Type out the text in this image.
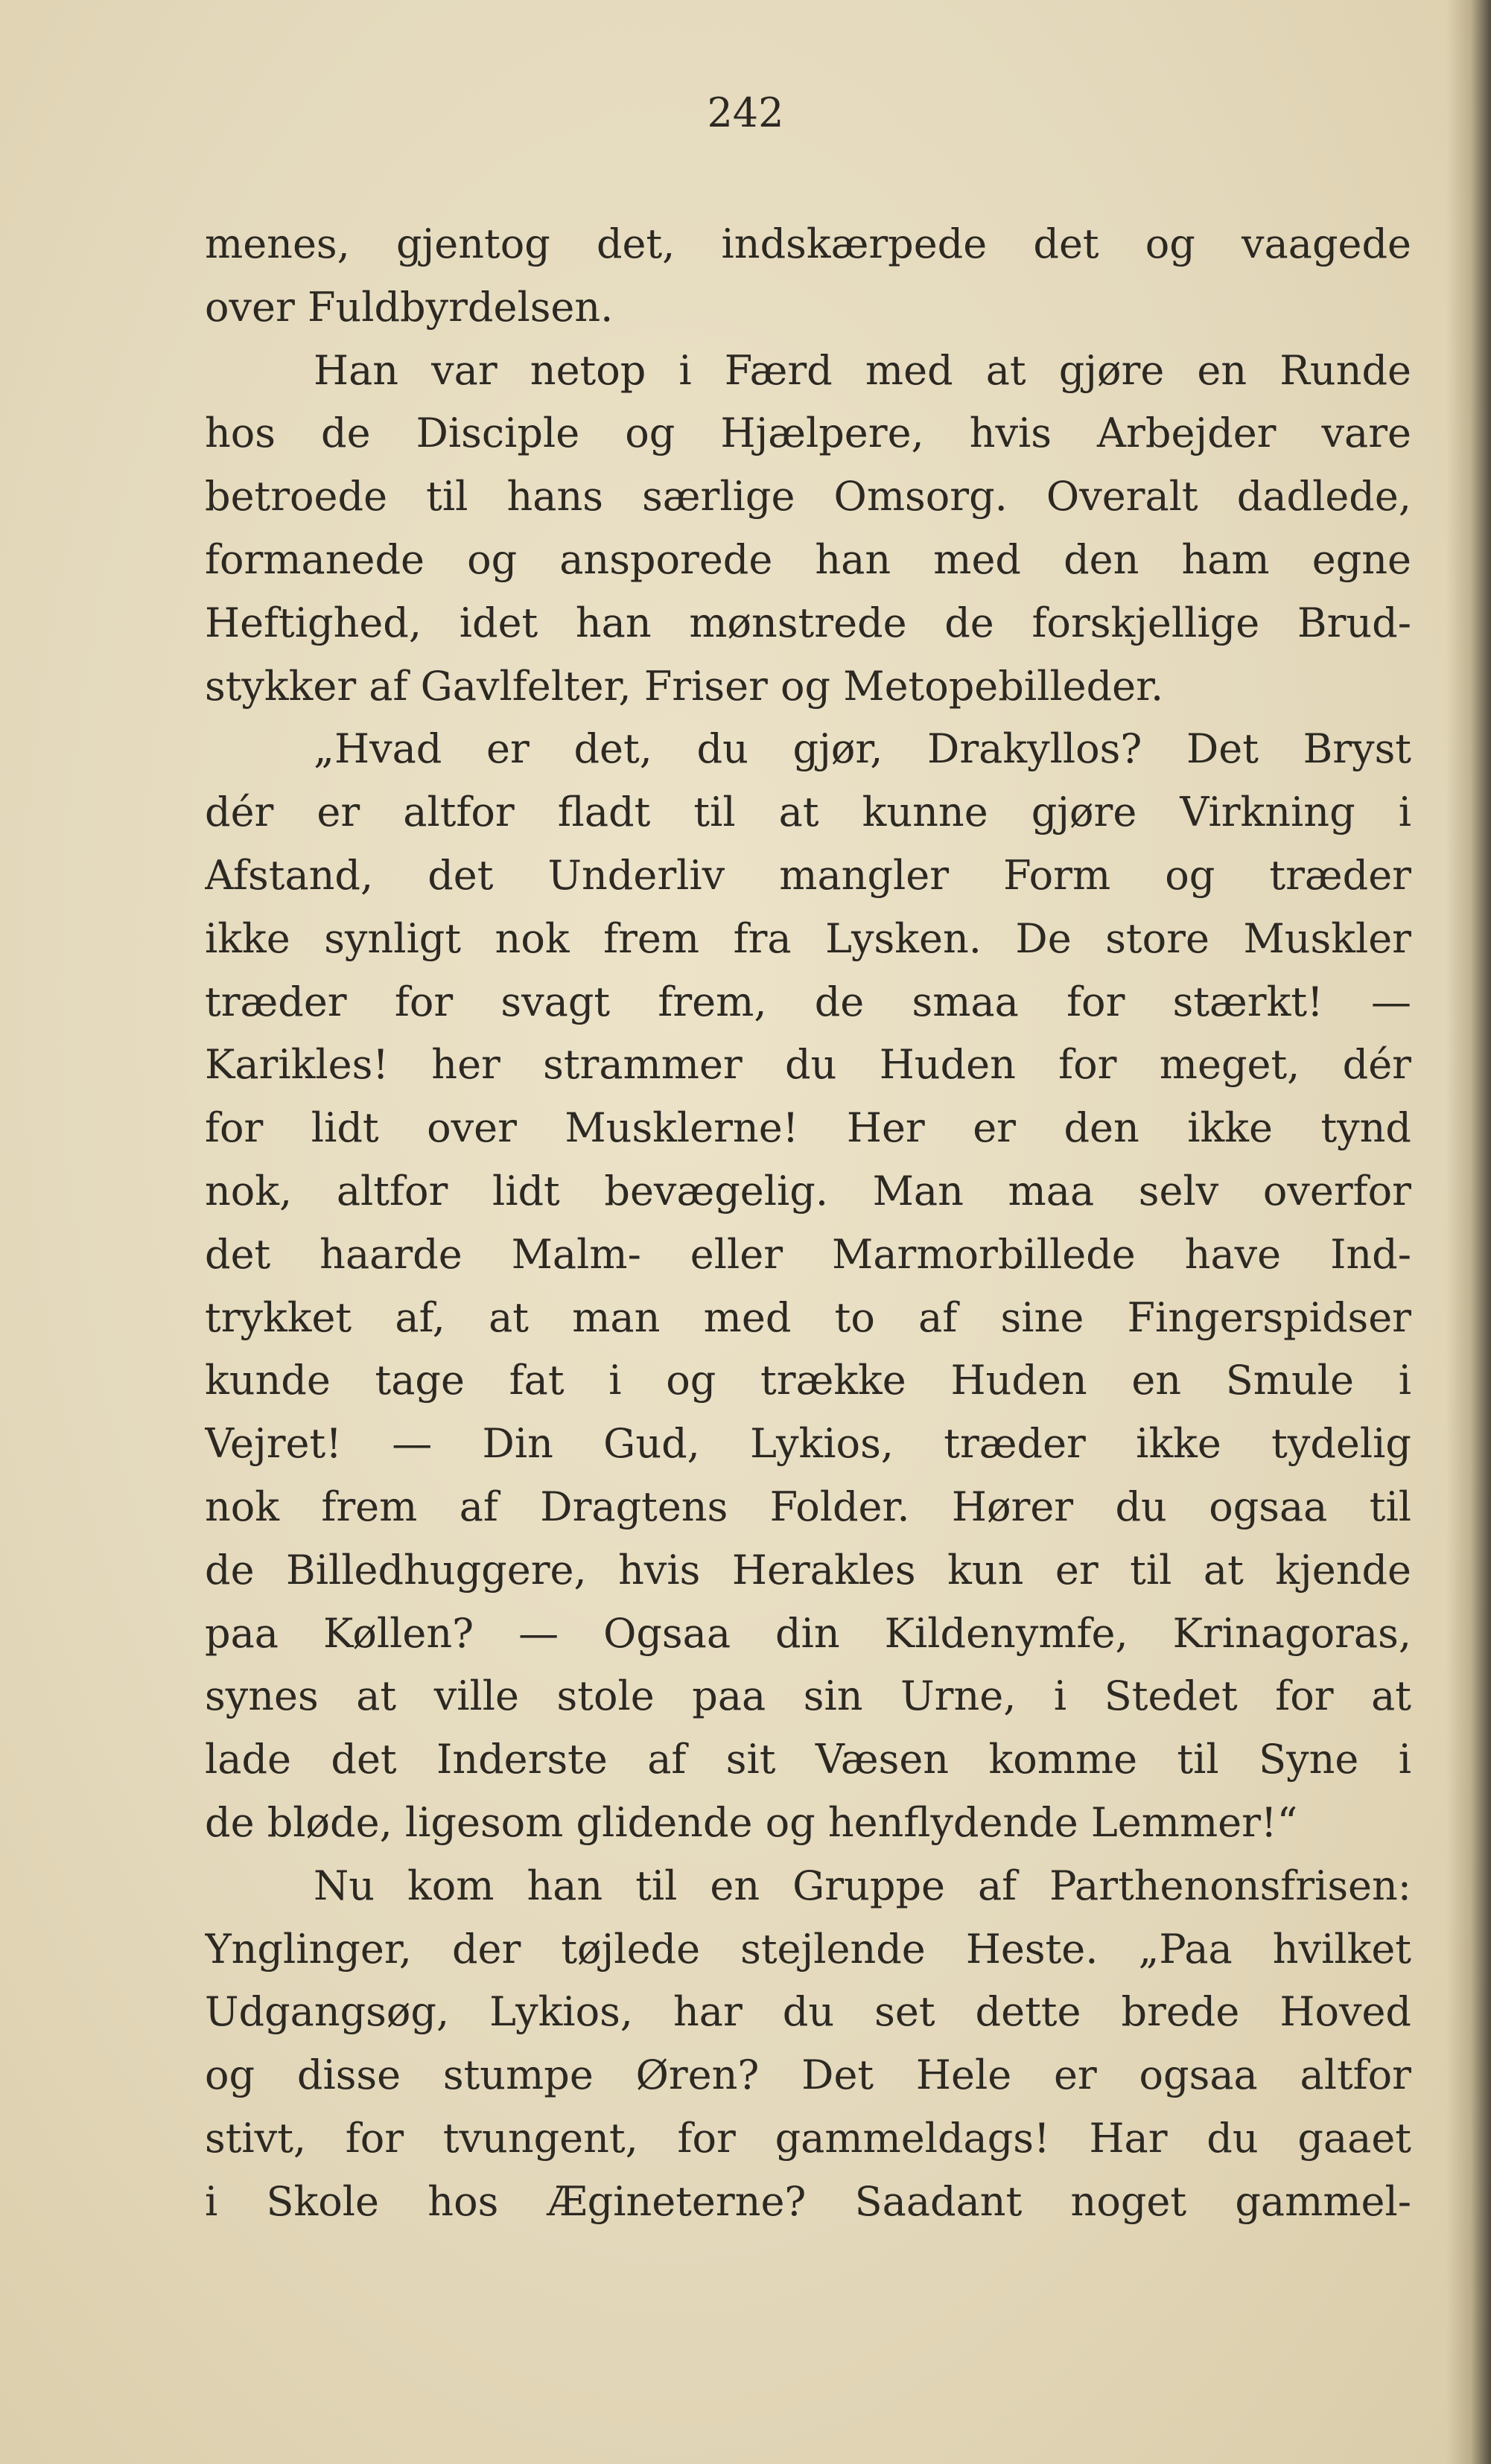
242
menes, gjentog det, indskærpede det og vaagede
over Fuldbyrdelsen.
Han var netop i Færd med at gjøre en Runde
hos de Disciple og Hjælpere, hvis Arbejder vare
betroede til hans særlige Omsorg. Overalt dadlede,
formanede og ansporede han med den ham egne
Heftighed, idet han mønstrede de forskjellige Brud-
stykker af Gavlfelter, Friser og Metopebilleder.
„Hvad er det, du gjør, Drakyllos? Det Bryst
dér er altfor fladt til at kunne gjøre Virkning i
Afstand, det Underliv mangler Form og træder
ikke synligt nok frem fra Lysken. De store Muskler
træder for svagt frem, de smaa for stærkt! —
Karikles! her strammer du Huden for meget, dér
for lidt over Musklerne! Her er den ikke tynd
nok, altfor lidt bevægelig. Man maa selv overfor
det haarde Malm- eller Marmorbillede have Ind-
trykket af, at man med to af sine Fingerspidser
kunde tage fat i og trække Huden en Smule i
Vejret! — Din Gud, Lykios, træder ikke tydelig
nok frem af Dragtens Folder. Hører du ogsaa til
de Billedhuggere, hvis Herakles kun er til at kjende
paa Køllen? — Ogsaa din Kildenymfe, Krinagoras,
synes at ville stole paa sin Urne, i Stedet for at
lade det Inderste af sit Væsen komme til Syne i
de bløde, ligesom glidende og henflydende Lemmer!“
Nu kom han til en Gruppe af Parthenonsfrisen:
Ynglinger, der tøjlede stejlende Heste. „Paa hvilket
Udgangsøg, Lykios, har du set dette brede Hoved
og disse stumpe Øren? Det Hele er ogsaa altfor
stivt, for tvungent, for gammeldags! Har du gaaet
i Skole hos Ægineterne? Saadant noget gammel-
